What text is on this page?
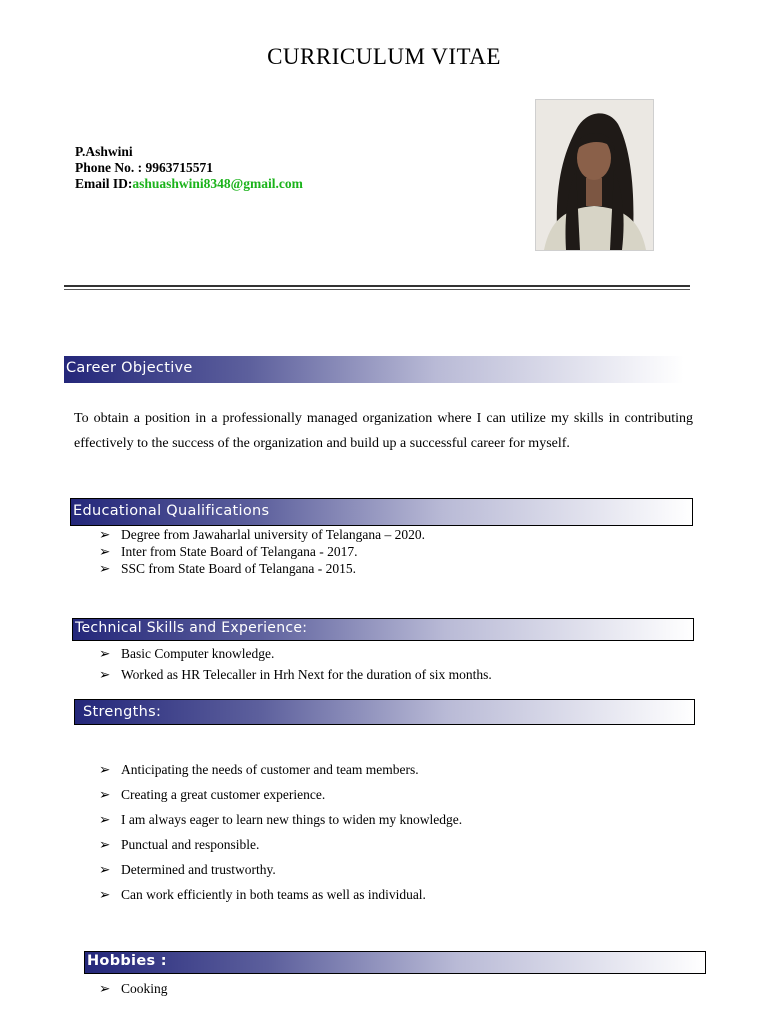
CURRICULUM VITAE
P.Ashwini
Phone No. : 9963715571
Email ID:ashuashwini8348@gmail.com
Career Objective
To obtain a position in a professionally managed organization where I can utilize my skills in contributing effectively to the success of the organization and build up a successful career for myself.
Educational Qualifications
➢ Degree from Jawaharlal university of Telangana – 2020.
➢ Inter from State Board of Telangana - 2017.
➢ SSC from State Board of Telangana - 2015.
Technical Skills and Experience:
➢ Basic Computer knowledge.
➢ Worked as HR Telecaller in Hrh Next for the duration of six months.
Strengths:
➢ Anticipating the needs of customer and team members.
➢ Creating a great customer experience.
➢ I am always eager to learn new things to widen my knowledge.
➢ Punctual and responsible.
➢ Determined and trustworthy.
➢ Can work efficiently in both teams as well as individual.
Hobbies :
➢ Cooking
